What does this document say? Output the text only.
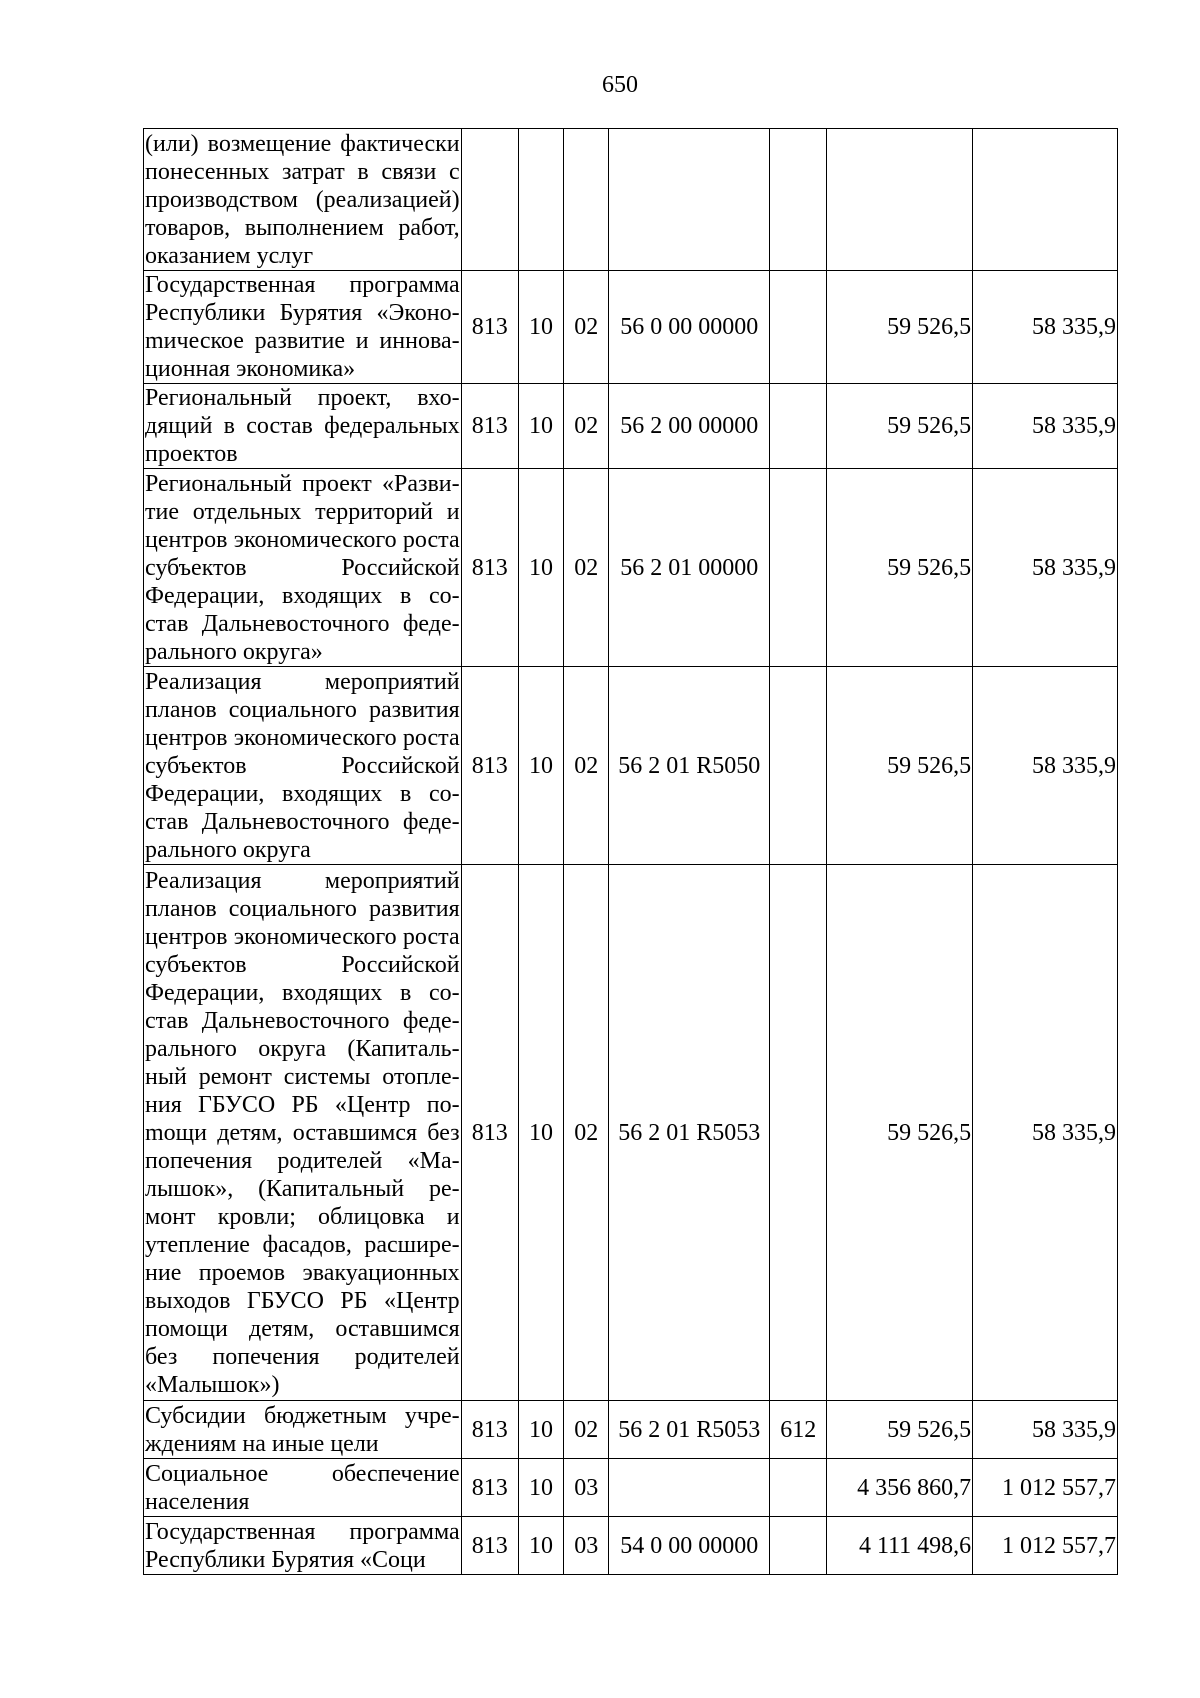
650
(или) возмещение фактически понесенных затрат в связи с производством (реализацией) товаров, выполнением работ, оказанием услуг							
Государственная программа Республики Бурятия «Эконоmическое развитие и инновационная экономика»	813	10	02	56 0 00 00000		59 526,5	58 335,9
Региональный проект, входящий в состав федеральных проектов	813	10	02	56 2 00 00000		59 526,5	58 335,9
Региональный проект «Развитие отдельных территорий и центров экономического роста субъектов Российской Федерации, входящих в состав Дальневосточного федерального округа»	813	10	02	56 2 01 00000		59 526,5	58 335,9
Реализация мероприятий планов социального развития центров экономического роста субъектов Российской Федерации, входящих в состав Дальневосточного федерального округа	813	10	02	56 2 01 R5050		59 526,5	58 335,9
Реализация мероприятий планов социального развития центров экономического роста субъектов Российской Федерации, входящих в состав Дальневосточного федерального округа (Капитальный ремонт системы отопления ГБУСО РБ «Центр поmощи детям, оставшимся без попечения родителей «Малышок», (Капитальный ремонт кровли; облицовка и утепление фасадов, расширение проемов эвакуационных выходов ГБУСО РБ «Центр помощи детям, оставшимся без попечения родителей «Малышок»)	813	10	02	56 2 01 R5053		59 526,5	58 335,9
Субсидии бюджетным учреждениям на иные цели	813	10	02	56 2 01 R5053	612	59 526,5	58 335,9
Социальное обеспечение населения	813	10	03			4 356 860,7	1 012 557,7
Государственная программа Республики Бурятия «Соци	813	10	03	54 0 00 00000		4 111 498,6	1 012 557,7
